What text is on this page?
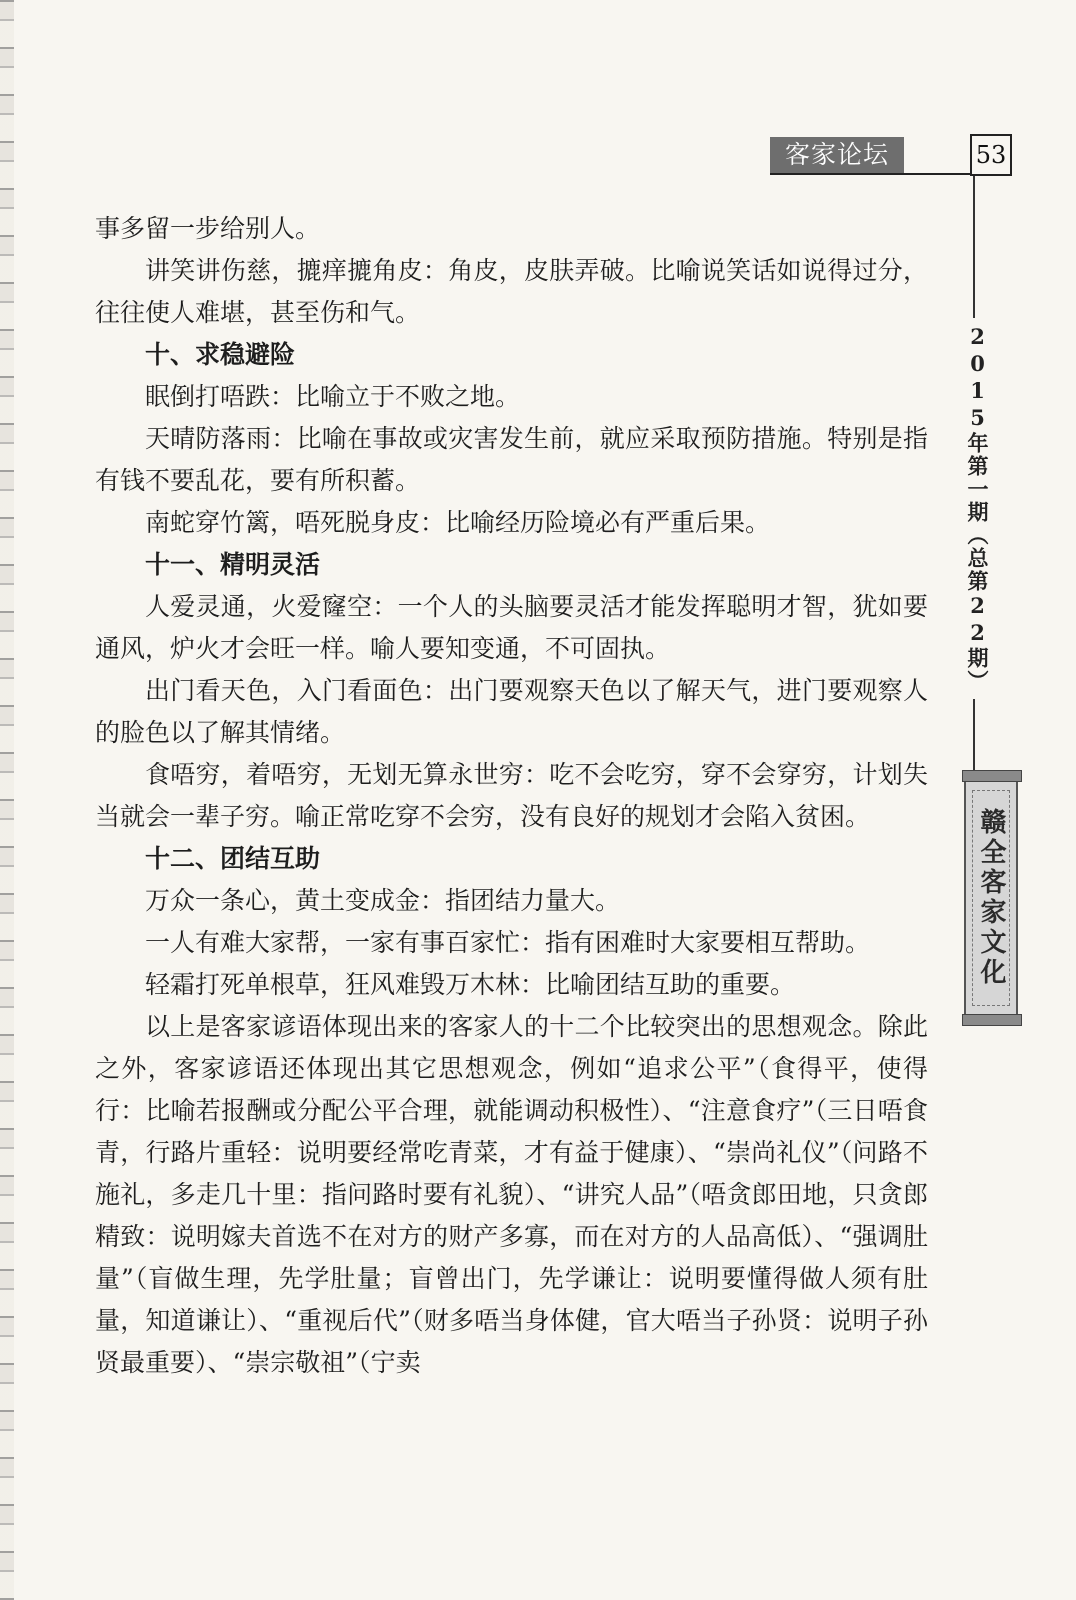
客家论坛	53
2015年第一期（总第22期）
赣全客家文化

事多留一步给别人。

讲笑讲伤慈，摝痒摝角皮：角皮，皮肤弄破。比喻说笑话如说得过分，往往使人难堪，甚至伤和气。

十、求稳避险

眠倒打唔跌：比喻立于不败之地。

天晴防落雨：比喻在事故或灾害发生前，就应采取预防措施。特别是指有钱不要乱花，要有所积蓄。

南蛇穿竹篱，唔死脱身皮：比喻经历险境必有严重后果。

十一、精明灵活

人爱灵通，火爱窿空：一个人的头脑要灵活才能发挥聪明才智，犹如要通风，炉火才会旺一样。喻人要知变通，不可固执。

出门看天色，入门看面色：出门要观察天色以了解天气，进门要观察人的脸色以了解其情绪。

食唔穷，着唔穷，无划无算永世穷：吃不会吃穷，穿不会穿穷，计划失当就会一辈子穷。喻正常吃穿不会穷，没有良好的规划才会陷入贫困。

十二、团结互助

万众一条心，黄土变成金：指团结力量大。

一人有难大家帮，一家有事百家忙：指有困难时大家要相互帮助。

轻霜打死单根草，狂风难毁万木林：比喻团结互助的重要。

以上是客家谚语体现出来的客家人的十二个比较突出的思想观念。除此之外，客家谚语还体现出其它思想观念，例如“追求公平”（食得平，使得行：比喻若报酬或分配公平合理，就能调动积极性）、“注意食疗”（三日唔食青，行路片重轻：说明要经常吃青菜，才有益于健康）、“崇尚礼仪”（问路不施礼，多走几十里：指问路时要有礼貌）、“讲究人品”（唔贪郎田地，只贪郎精致：说明嫁夫首选不在对方的财产多寡，而在对方的人品高低）、“强调肚量”（盲做生理，先学肚量；盲曾出门，先学谦让：说明要懂得做人须有肚量，知道谦让）、“重视后代”（财多唔当身体健，官大唔当子孙贤：说明子孙贤最重要）、“崇宗敬祖”（宁卖
